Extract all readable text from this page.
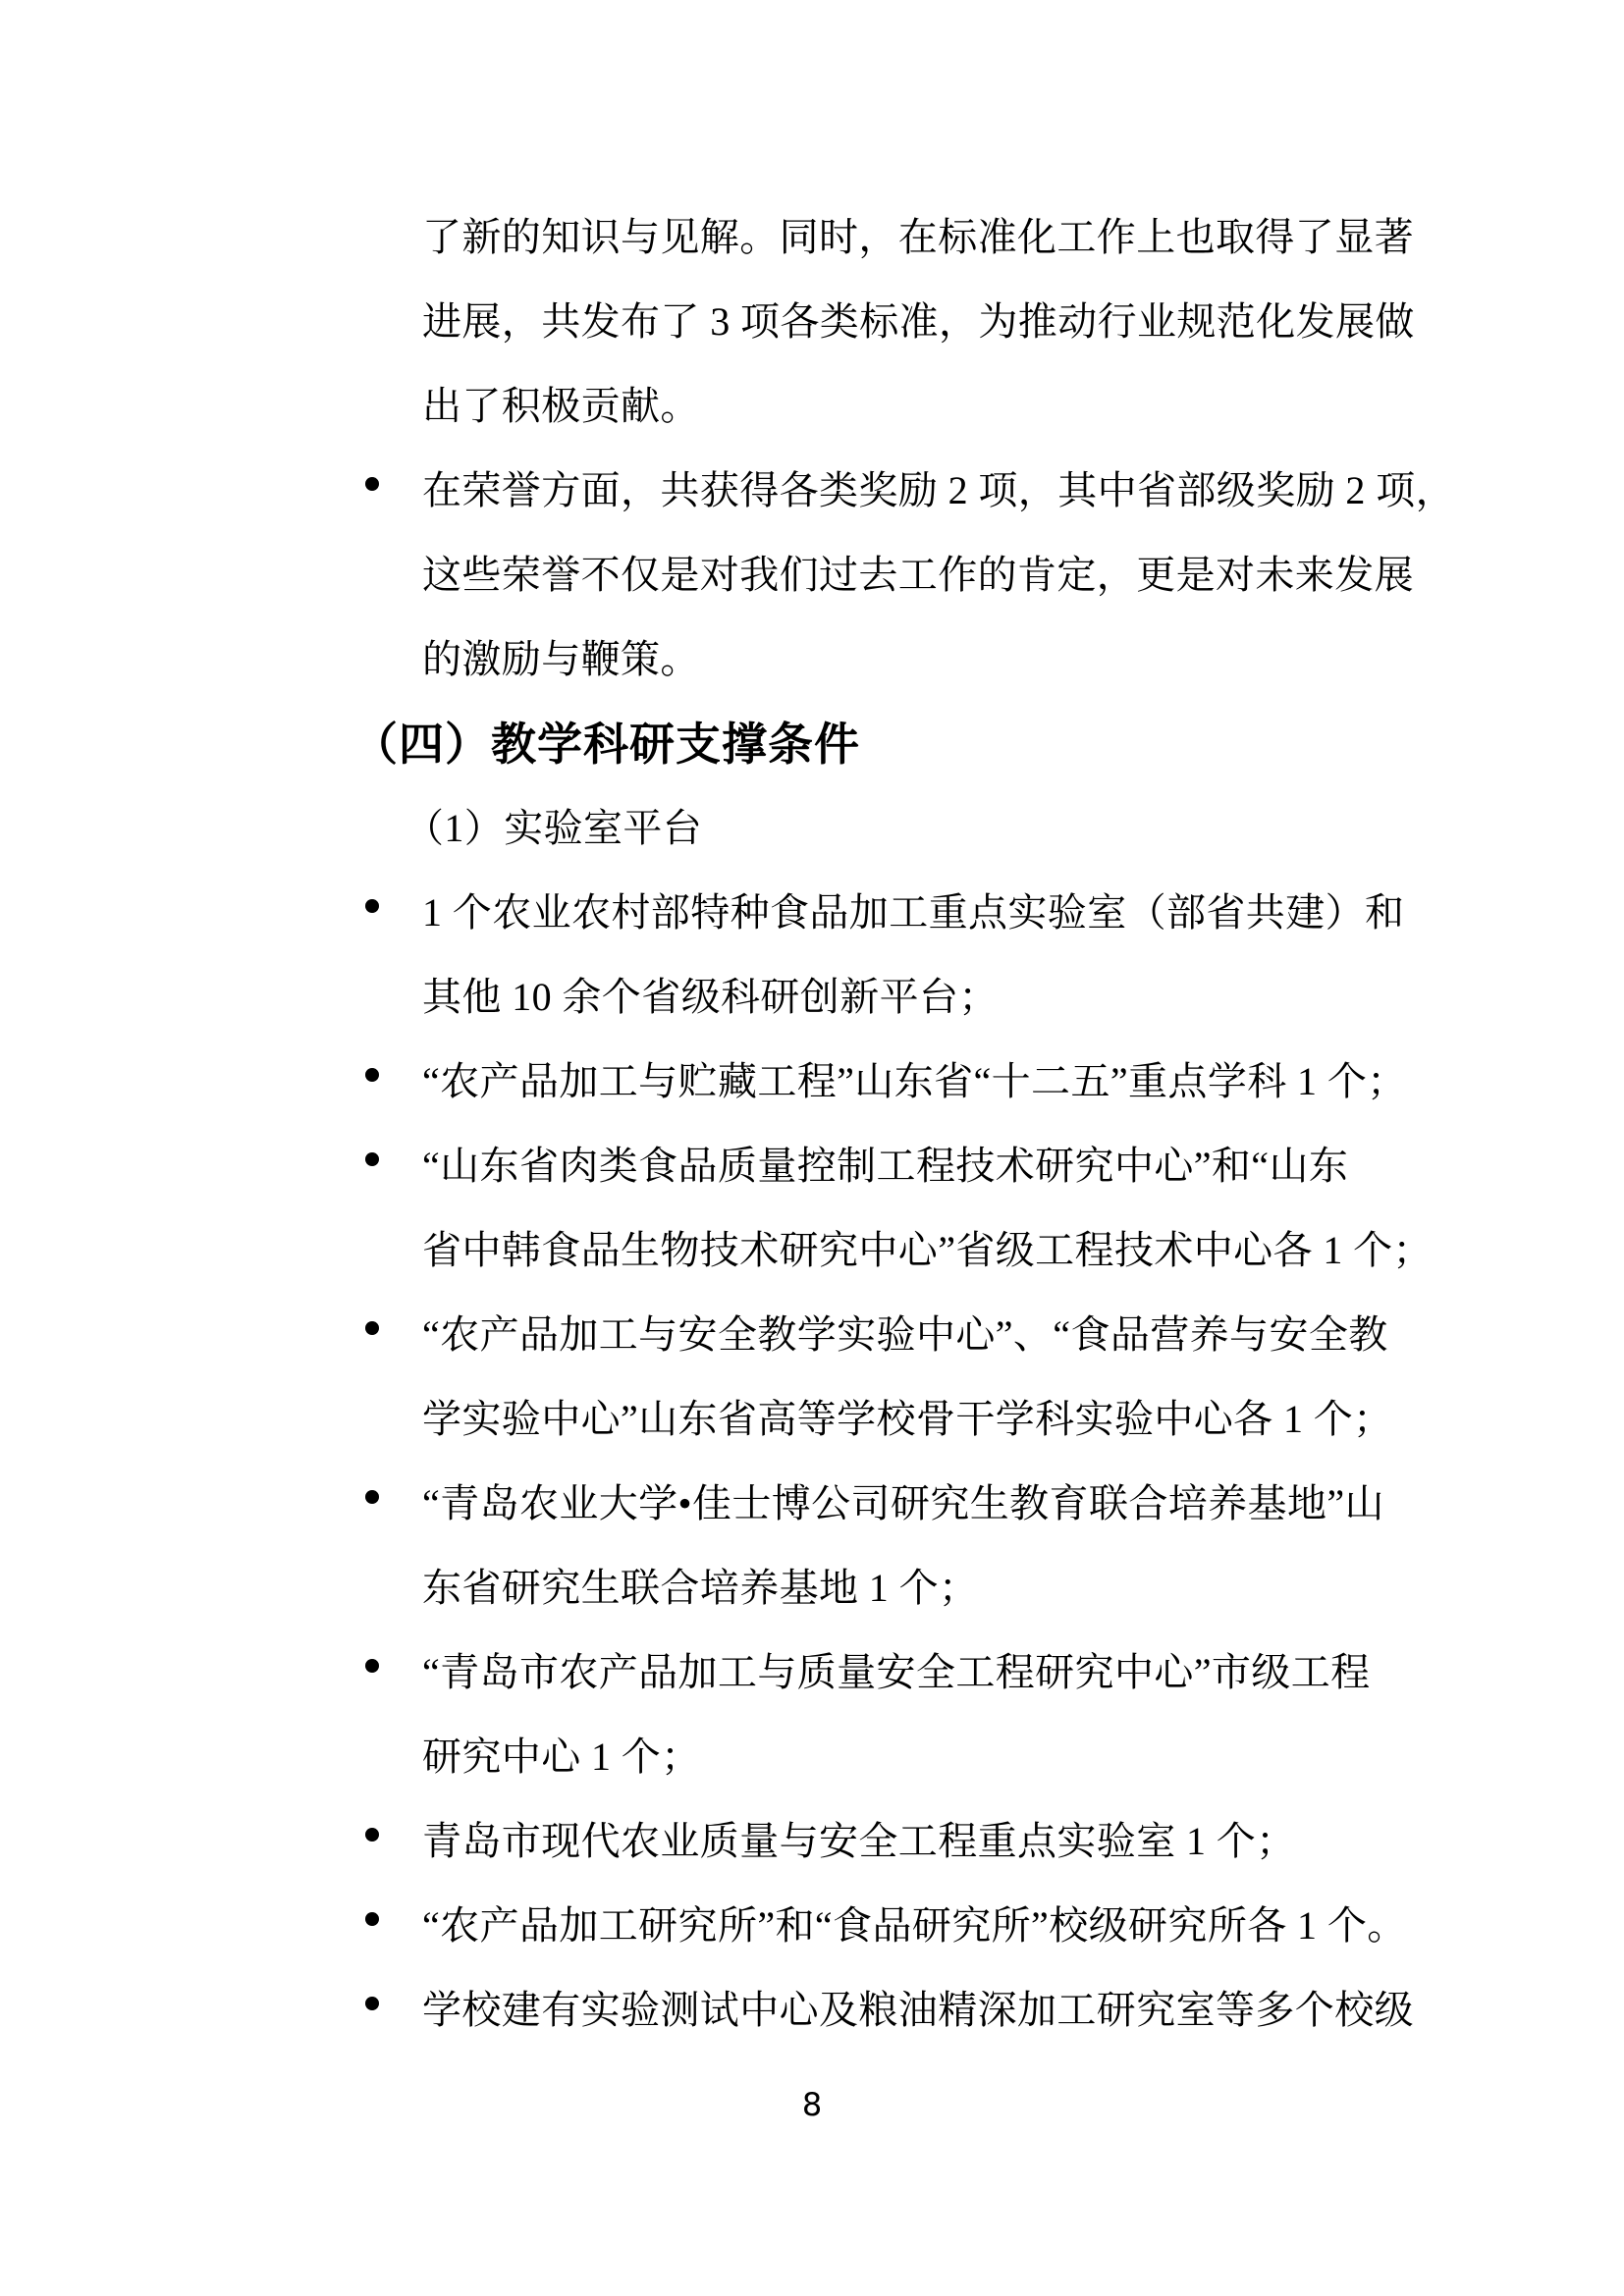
了新的知识与见解。同时，在标准化工作上也取得了显著
进展，共发布了 3 项各类标准，为推动行业规范化发展做
出了积极贡献。
在荣誉方面，共获得各类奖励 2 项，其中省部级奖励 2 项，
这些荣誉不仅是对我们过去工作的肯定，更是对未来发展
的激励与鞭策。
（四）教学科研支撑条件
（1）实验室平台
1 个农业农村部特种食品加工重点实验室（部省共建）和
其他 10 余个省级科研创新平台；
“农产品加工与贮藏工程”山东省“十二五”重点学科 1 个；
“山东省肉类食品质量控制工程技术研究中心”和“山东
省中韩食品生物技术研究中心”省级工程技术中心各 1 个；
“农产品加工与安全教学实验中心”、“食品营养与安全教
学实验中心”山东省高等学校骨干学科实验中心各 1 个；
“青岛农业大学•佳士博公司研究生教育联合培养基地”山
东省研究生联合培养基地 1 个；
“青岛市农产品加工与质量安全工程研究中心”市级工程
研究中心 1 个；
青岛市现代农业质量与安全工程重点实验室 1 个；
“农产品加工研究所”和“食品研究所”校级研究所各 1 个。
学校建有实验测试中心及粮油精深加工研究室等多个校级
8
